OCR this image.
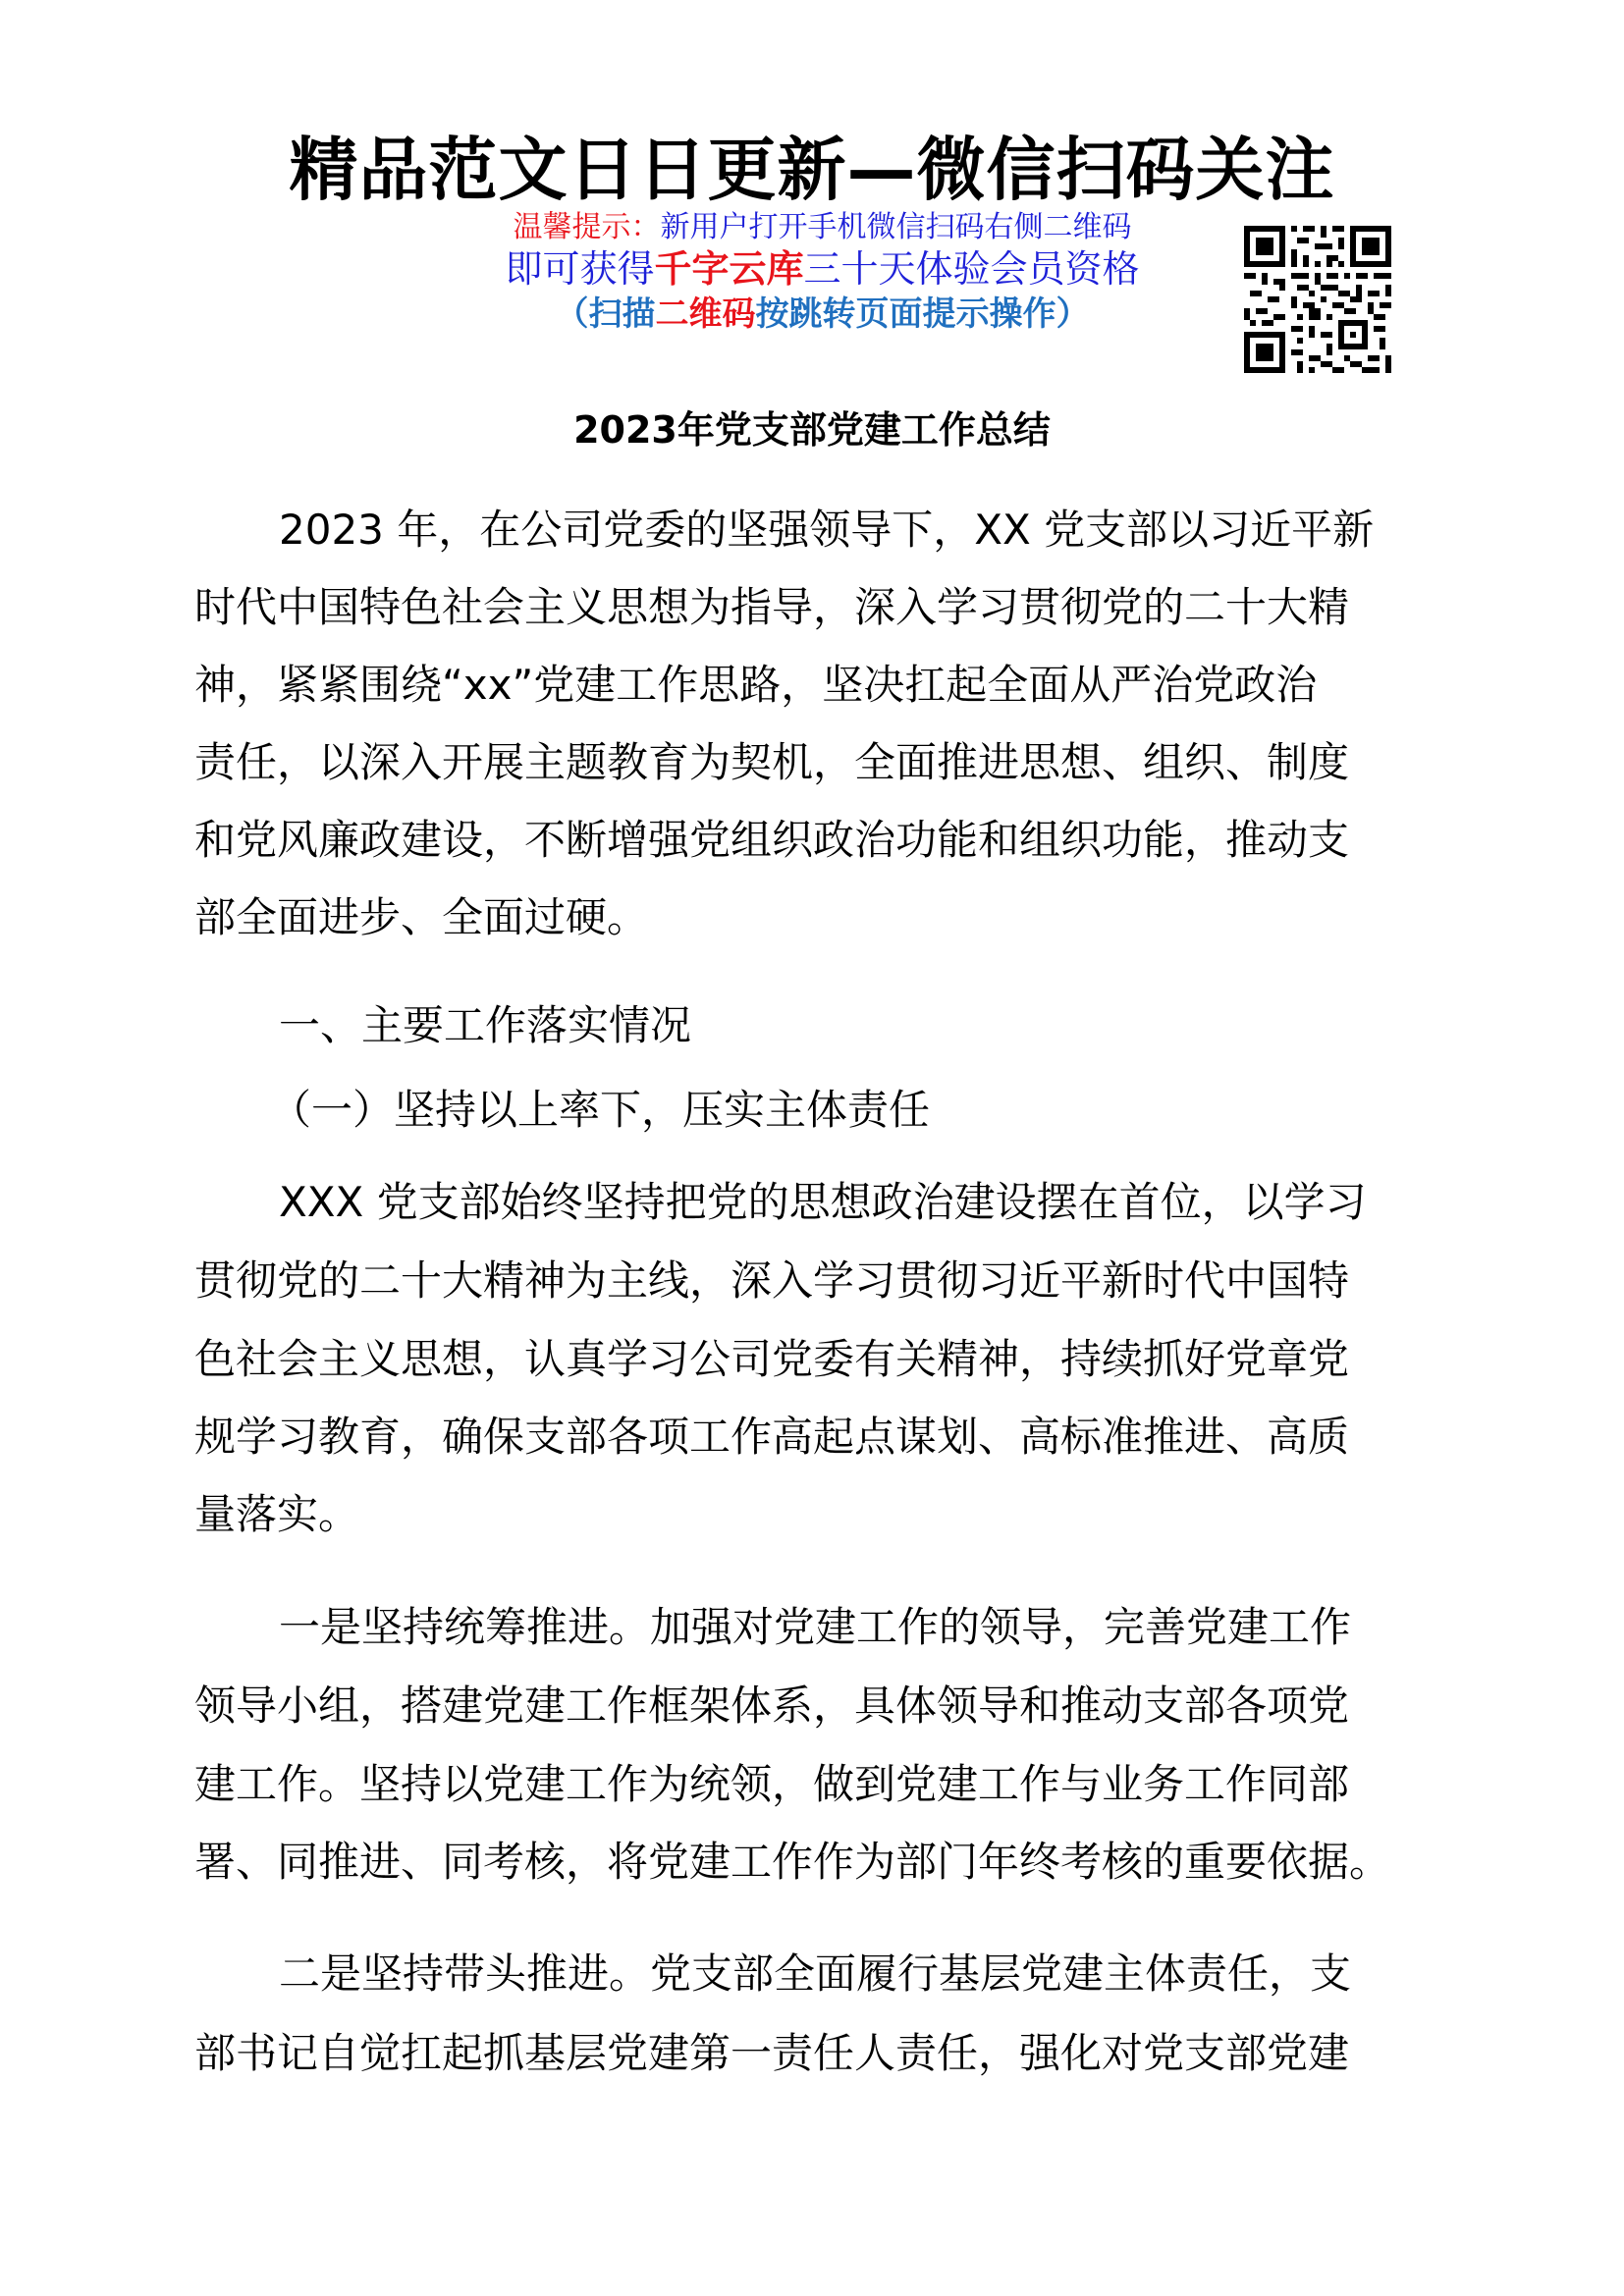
精品范文日日更新—微信扫码关注
温馨提示：新用户打开手机微信扫码右侧二维码
即可获得千字云库三十天体验会员资格
（扫描二维码按跳转页面提示操作）
2023年党支部党建工作总结
2023 年，在公司党委的坚强领导下，XX 党支部以习近平新
时代中国特色社会主义思想为指导，深入学习贯彻党的二十大精
神，紧紧围绕“xx”党建工作思路，坚决扛起全面从严治党政治
责任，以深入开展主题教育为契机，全面推进思想、组织、制度
和党风廉政建设，不断增强党组织政治功能和组织功能，推动支
部全面进步、全面过硬。
一、主要工作落实情况
（一）坚持以上率下，压实主体责任
XXX 党支部始终坚持把党的思想政治建设摆在首位，以学习
贯彻党的二十大精神为主线，深入学习贯彻习近平新时代中国特
色社会主义思想，认真学习公司党委有关精神，持续抓好党章党
规学习教育，确保支部各项工作高起点谋划、高标准推进、高质
量落实。
一是坚持统筹推进。加强对党建工作的领导，完善党建工作
领导小组，搭建党建工作框架体系，具体领导和推动支部各项党
建工作。坚持以党建工作为统领，做到党建工作与业务工作同部
署、同推进、同考核，将党建工作作为部门年终考核的重要依据。
二是坚持带头推进。党支部全面履行基层党建主体责任，支
部书记自觉扛起抓基层党建第一责任人责任，强化对党支部党建
